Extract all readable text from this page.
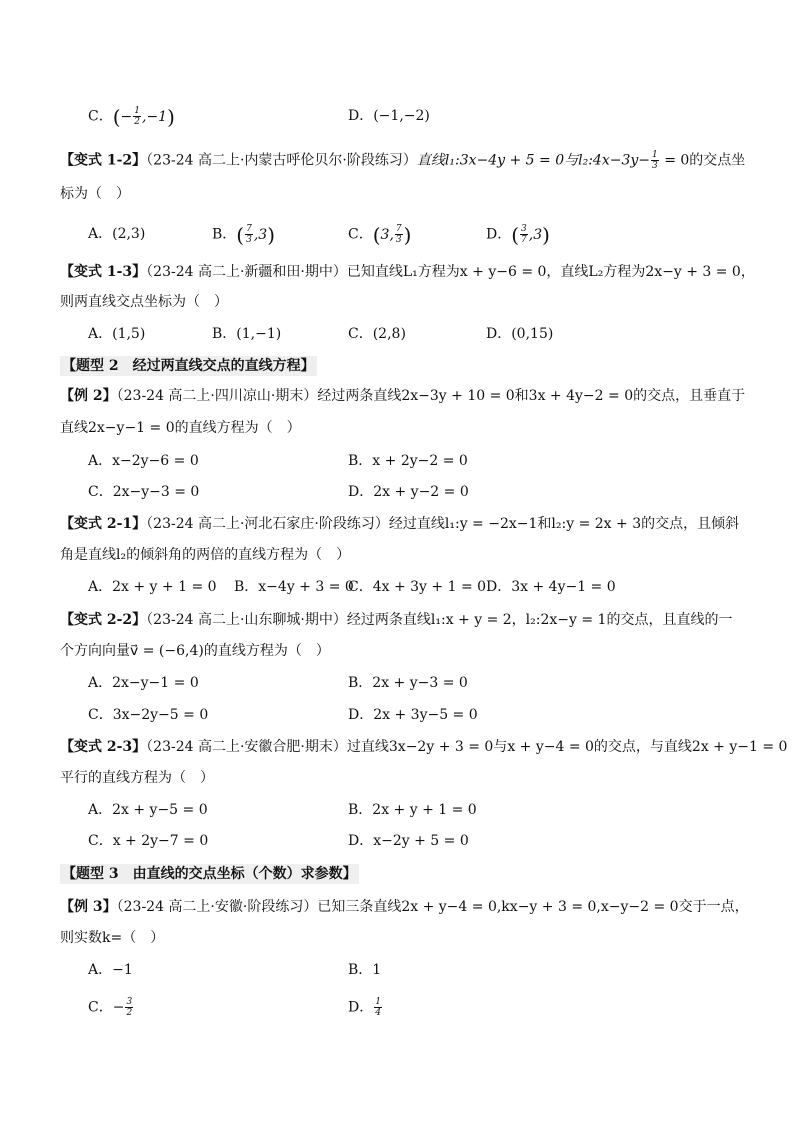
C．(− $\frac{1}{2} ,-1$)	D．(−1,−2)
【变式 1-2】（23-24 高二上·内蒙古呼伦贝尔·阶段练习）直线l₁:3x−4y + 5 = 0与l₂:4x−3y− $\frac{1}{3} = 0$的交点坐
标为（　）
A．(2,3)	B．( $\frac{7}{3} ,3$)	C．(3, $\frac{7}{3}$ )	D．( $\frac{3}{7} ,3$)
【变式 1-3】（23-24 高二上·新疆和田·期中）已知直线L₁方程为x + y−6 = 0，直线L₂方程为2x−y + 3 = 0，
则两直线交点坐标为（　）
A．(1,5)	B．(1,−1)	C．(2,8)	D．(0,15)
【题型 2　经过两直线交点的直线方程】
【例 2】（23-24 高二上·四川凉山·期末）经过两条直线2x−3y + 10 = 0和3x + 4y−2 = 0的交点，且垂直于
直线2x−y−1 = 0的直线方程为（　）
A．x−2y−6 = 0	B．x + 2y−2 = 0
C．2x−y−3 = 0	D．2x + y−2 = 0
【变式 2-1】（23-24 高二上·河北石家庄·阶段练习）经过直线l₁:y = −2x−1和l₂:y = 2x + 3的交点，且倾斜
角是直线l₂的倾斜角的两倍的直线方程为（　）
A．2x + y + 1 = 0 B．x−4y + 3 = 0
C．4x + 3y + 1 = 0 D．3x + 4y−1 = 0
【变式 2-2】（23-24 高二上·山东聊城·期中）经过两条直线l₁:x + y = 2，l₂:2x−y = 1的交点，且直线的一
个方向向量v⃗ = (−6,4)的直线方程为（　）
A．2x−y−1 = 0	B．2x + y−3 = 0
C．3x−2y−5 = 0	D．2x + 3y−5 = 0
【变式 2-3】（23-24 高二上·安徽合肥·期末）过直线3x−2y + 3 = 0与x + y−4 = 0的交点，与直线2x + y−1 = 0
平行的直线方程为（　）
A．2x + y−5 = 0	B．2x + y + 1 = 0
C．x + 2y−7 = 0	D．x−2y + 5 = 0
【题型 3　由直线的交点坐标（个数）求参数】
【例 3】（23-24 高二上·安徽·阶段练习）已知三条直线2x + y−4 = 0,kx−y + 3 = 0,x−y−2 = 0交于一点，
则实数k=（　）
A．−1	B．1
C．− $\frac{3}{2}$	D． $\frac{1}{4}$
